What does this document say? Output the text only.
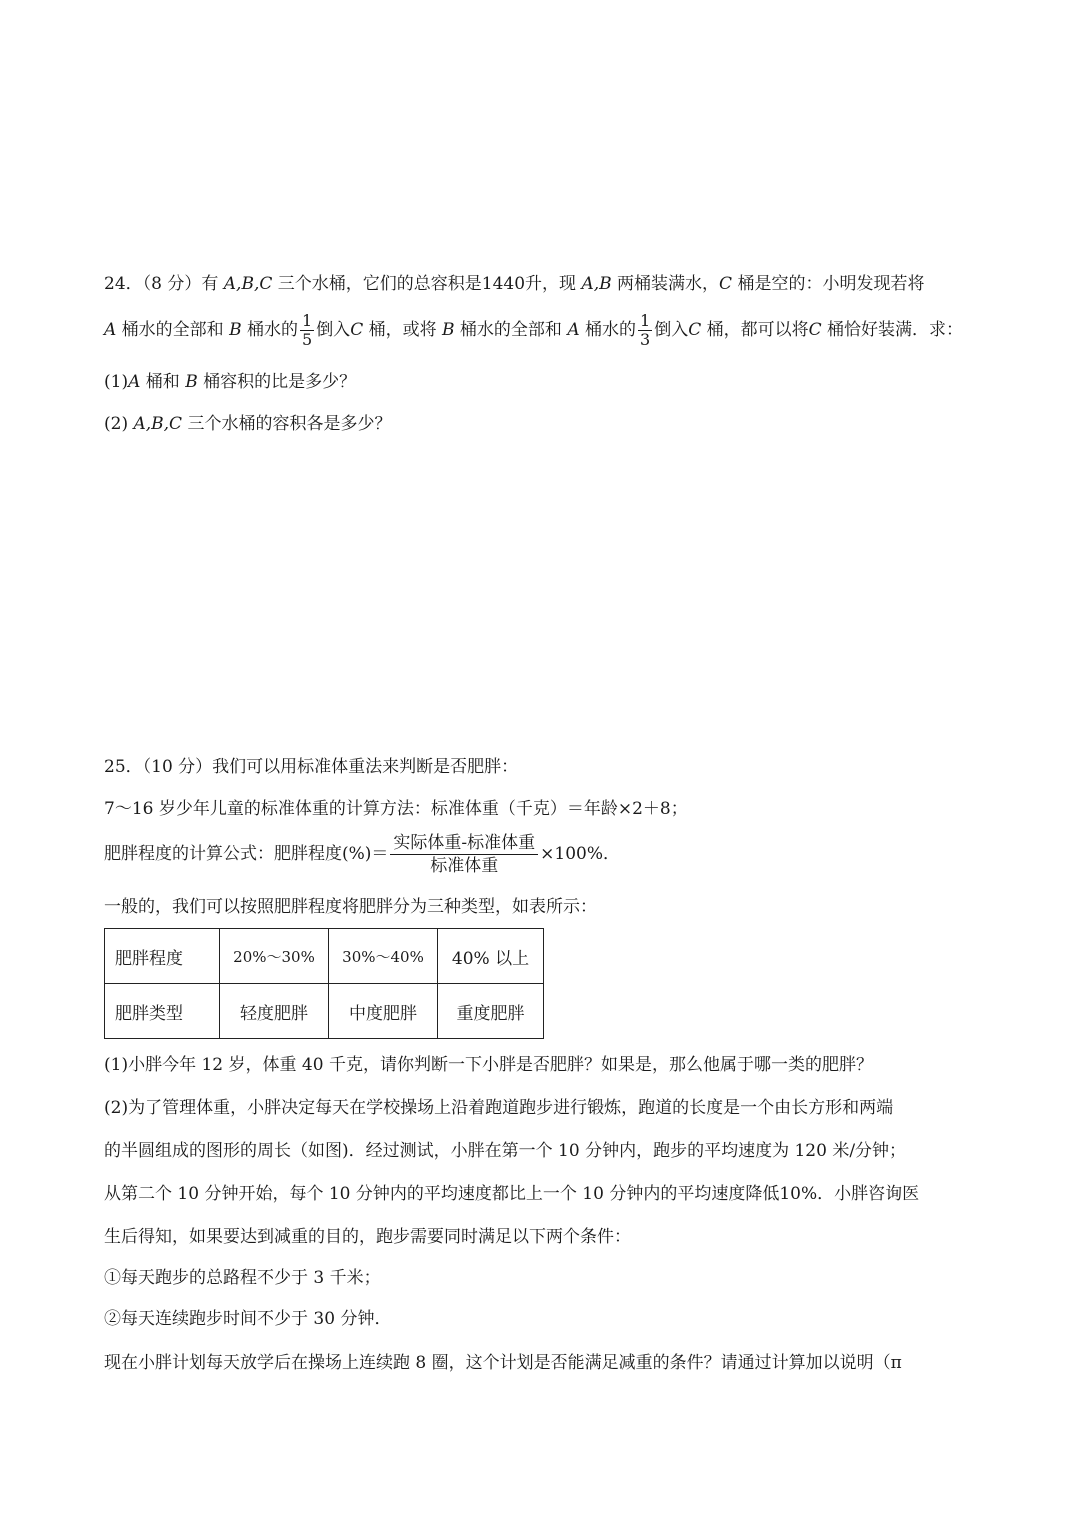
24．（8 分）有 A,B,C 三个水桶，它们的总容积是1440升，现 A,B 两桶装满水，C 桶是空的：小明发现若将
A 桶水的全部和 B 桶水的 $\frac{1}{5}$ 倒入C 桶，或将 B 桶水的全部和 A 桶水的 $\frac{1}{3}$ 倒入C 桶，都可以将C 桶恰好装满．求：
(1)A 桶和 B 桶容积的比是多少？
(2) A,B,C 三个水桶的容积各是多少？
25．（10 分）我们可以用标准体重法来判断是否肥胖：
7～16 岁少年儿童的标准体重的计算方法：标准体重（千克）＝年龄×2＋8；
肥胖程度的计算公式：肥胖程度(%)＝ $\frac{\text{实际体重-标准体重}}{\text{标准体重}} \times 100\%$．
一般的，我们可以按照肥胖程度将肥胖分为三种类型，如表所示：
肥胖程度	20%～30%	30%～40%	40% 以上
肥胖类型	轻度肥胖	中度肥胖	重度肥胖
(1)小胖今年 12 岁，体重 40 千克，请你判断一下小胖是否肥胖？如果是，那么他属于哪一类的肥胖？
(2)为了管理体重，小胖决定每天在学校操场上沿着跑道跑步进行锻炼，跑道的长度是一个由长方形和两端
的半圆组成的图形的周长（如图)．经过测试，小胖在第一个 10 分钟内，跑步的平均速度为 120 米/分钟；
从第二个 10 分钟开始，每个 10 分钟内的平均速度都比上一个 10 分钟内的平均速度降低10%．小胖咨询医
生后得知，如果要达到减重的目的，跑步需要同时满足以下两个条件：
①每天跑步的总路程不少于 3 千米；
②每天连续跑步时间不少于 30 分钟．
现在小胖计划每天放学后在操场上连续跑 8 圈，这个计划是否能满足减重的条件？请通过计算加以说明（π
